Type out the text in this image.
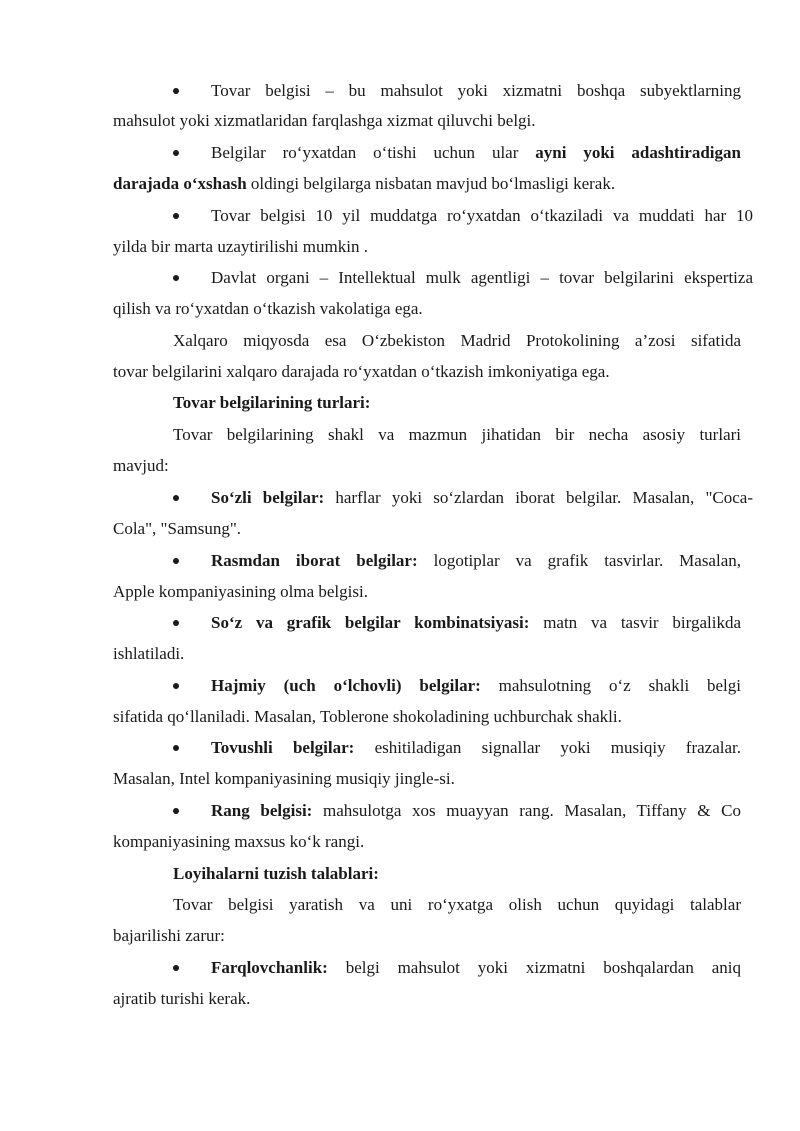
Tovar belgisi – bu mahsulot yoki xizmatni boshqa subyektlarning
mahsulot yoki xizmatlaridan farqlashga xizmat qiluvchi belgi.
Belgilar ro‘yxatdan o‘tishi uchun ular ayni yoki adashtiradigan
darajada o‘xshash oldingi belgilarga nisbatan mavjud bo‘lmasligi kerak.
Tovar belgisi 10 yil muddatga ro‘yxatdan o‘tkaziladi va muddati har 10
yilda bir marta uzaytirilishi mumkin .
Davlat organi – Intellektual mulk agentligi – tovar belgilarini ekspertiza
qilish va ro‘yxatdan o‘tkazish vakolatiga ega.
Xalqaro miqyosda esa O‘zbekiston Madrid Protokolining a’zosi sifatida
tovar belgilarini xalqaro darajada ro‘yxatdan o‘tkazish imkoniyatiga ega.
Tovar belgilarining turlari:
Tovar belgilarining shakl va mazmun jihatidan bir necha asosiy turlari
mavjud:
So‘zli belgilar: harflar yoki so‘zlardan iborat belgilar. Masalan, "Coca-
Cola", "Samsung".
Rasmdan iborat belgilar: logotiplar va grafik tasvirlar. Masalan,
Apple kompaniyasining olma belgisi.
So‘z va grafik belgilar kombinatsiyasi: matn va tasvir birgalikda
ishlatiladi.
Hajmiy (uch o‘lchovli) belgilar: mahsulotning o‘z shakli belgi
sifatida qo‘llaniladi. Masalan, Toblerone shokoladining uchburchak shakli.
Tovushli belgilar: eshitiladigan signallar yoki musiqiy frazalar.
Masalan, Intel kompaniyasining musiqiy jingle-si.
Rang belgisi: mahsulotga xos muayyan rang. Masalan, Tiffany & Co
kompaniyasining maxsus ko‘k rangi.
Loyihalarni tuzish talablari:
Tovar belgisi yaratish va uni ro‘yxatga olish uchun quyidagi talablar
bajarilishi zarur:
Farqlovchanlik: belgi mahsulot yoki xizmatni boshqalardan aniq
ajratib turishi kerak.
